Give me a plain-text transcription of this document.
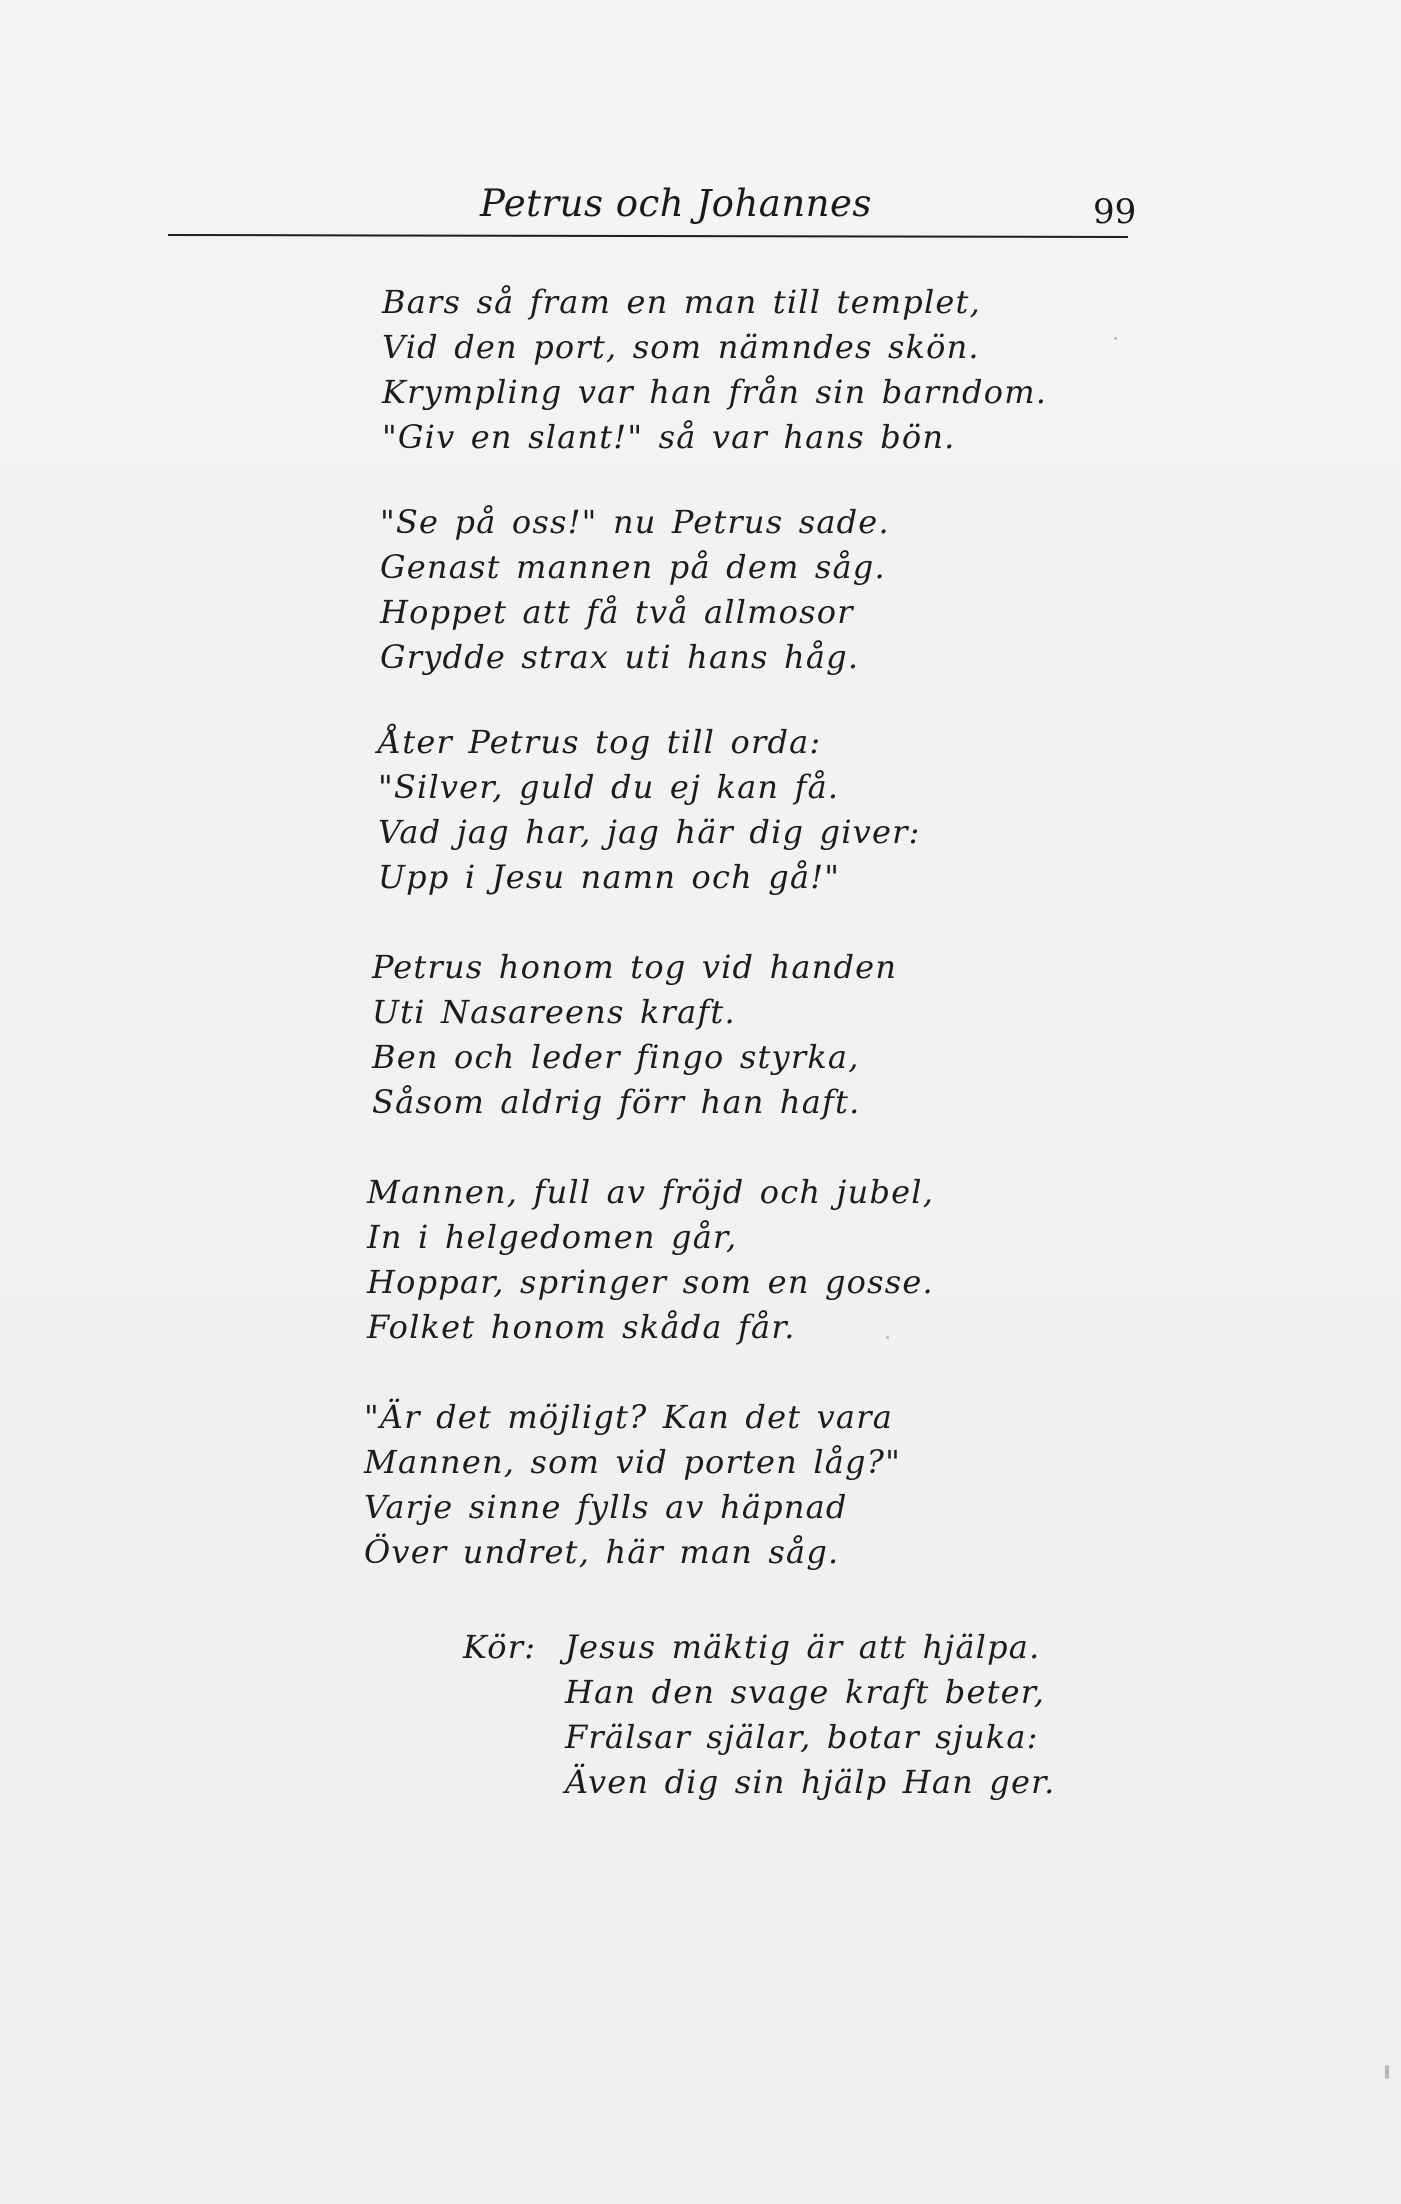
Petrus och Johannes	99
Bars så fram en man till templet,
Vid den port, som nämndes skön.
Krympling var han från sin barndom.
"Giv en slant!" så var hans bön.
"Se på oss!" nu Petrus sade.
Genast mannen på dem såg.
Hoppet att få två allmosor
Grydde strax uti hans håg.
Åter Petrus tog till orda:
"Silver, guld du ej kan få.
Vad jag har, jag här dig giver:
Upp i Jesu namn och gå!"
Petrus honom tog vid handen
Uti Nasareens kraft.
Ben och leder fingo styrka,
Såsom aldrig förr han haft.
Mannen, full av fröjd och jubel,
In i helgedomen går,
Hoppar, springer som en gosse.
Folket honom skåda får.
"Är det möjligt? Kan det vara
Mannen, som vid porten låg?"
Varje sinne fylls av häpnad
Över undret, här man såg.
Kör: Jesus mäktig är att hjälpa.
Han den svage kraft beter,
Frälsar själar, botar sjuka:
Även dig sin hjälp Han ger.
